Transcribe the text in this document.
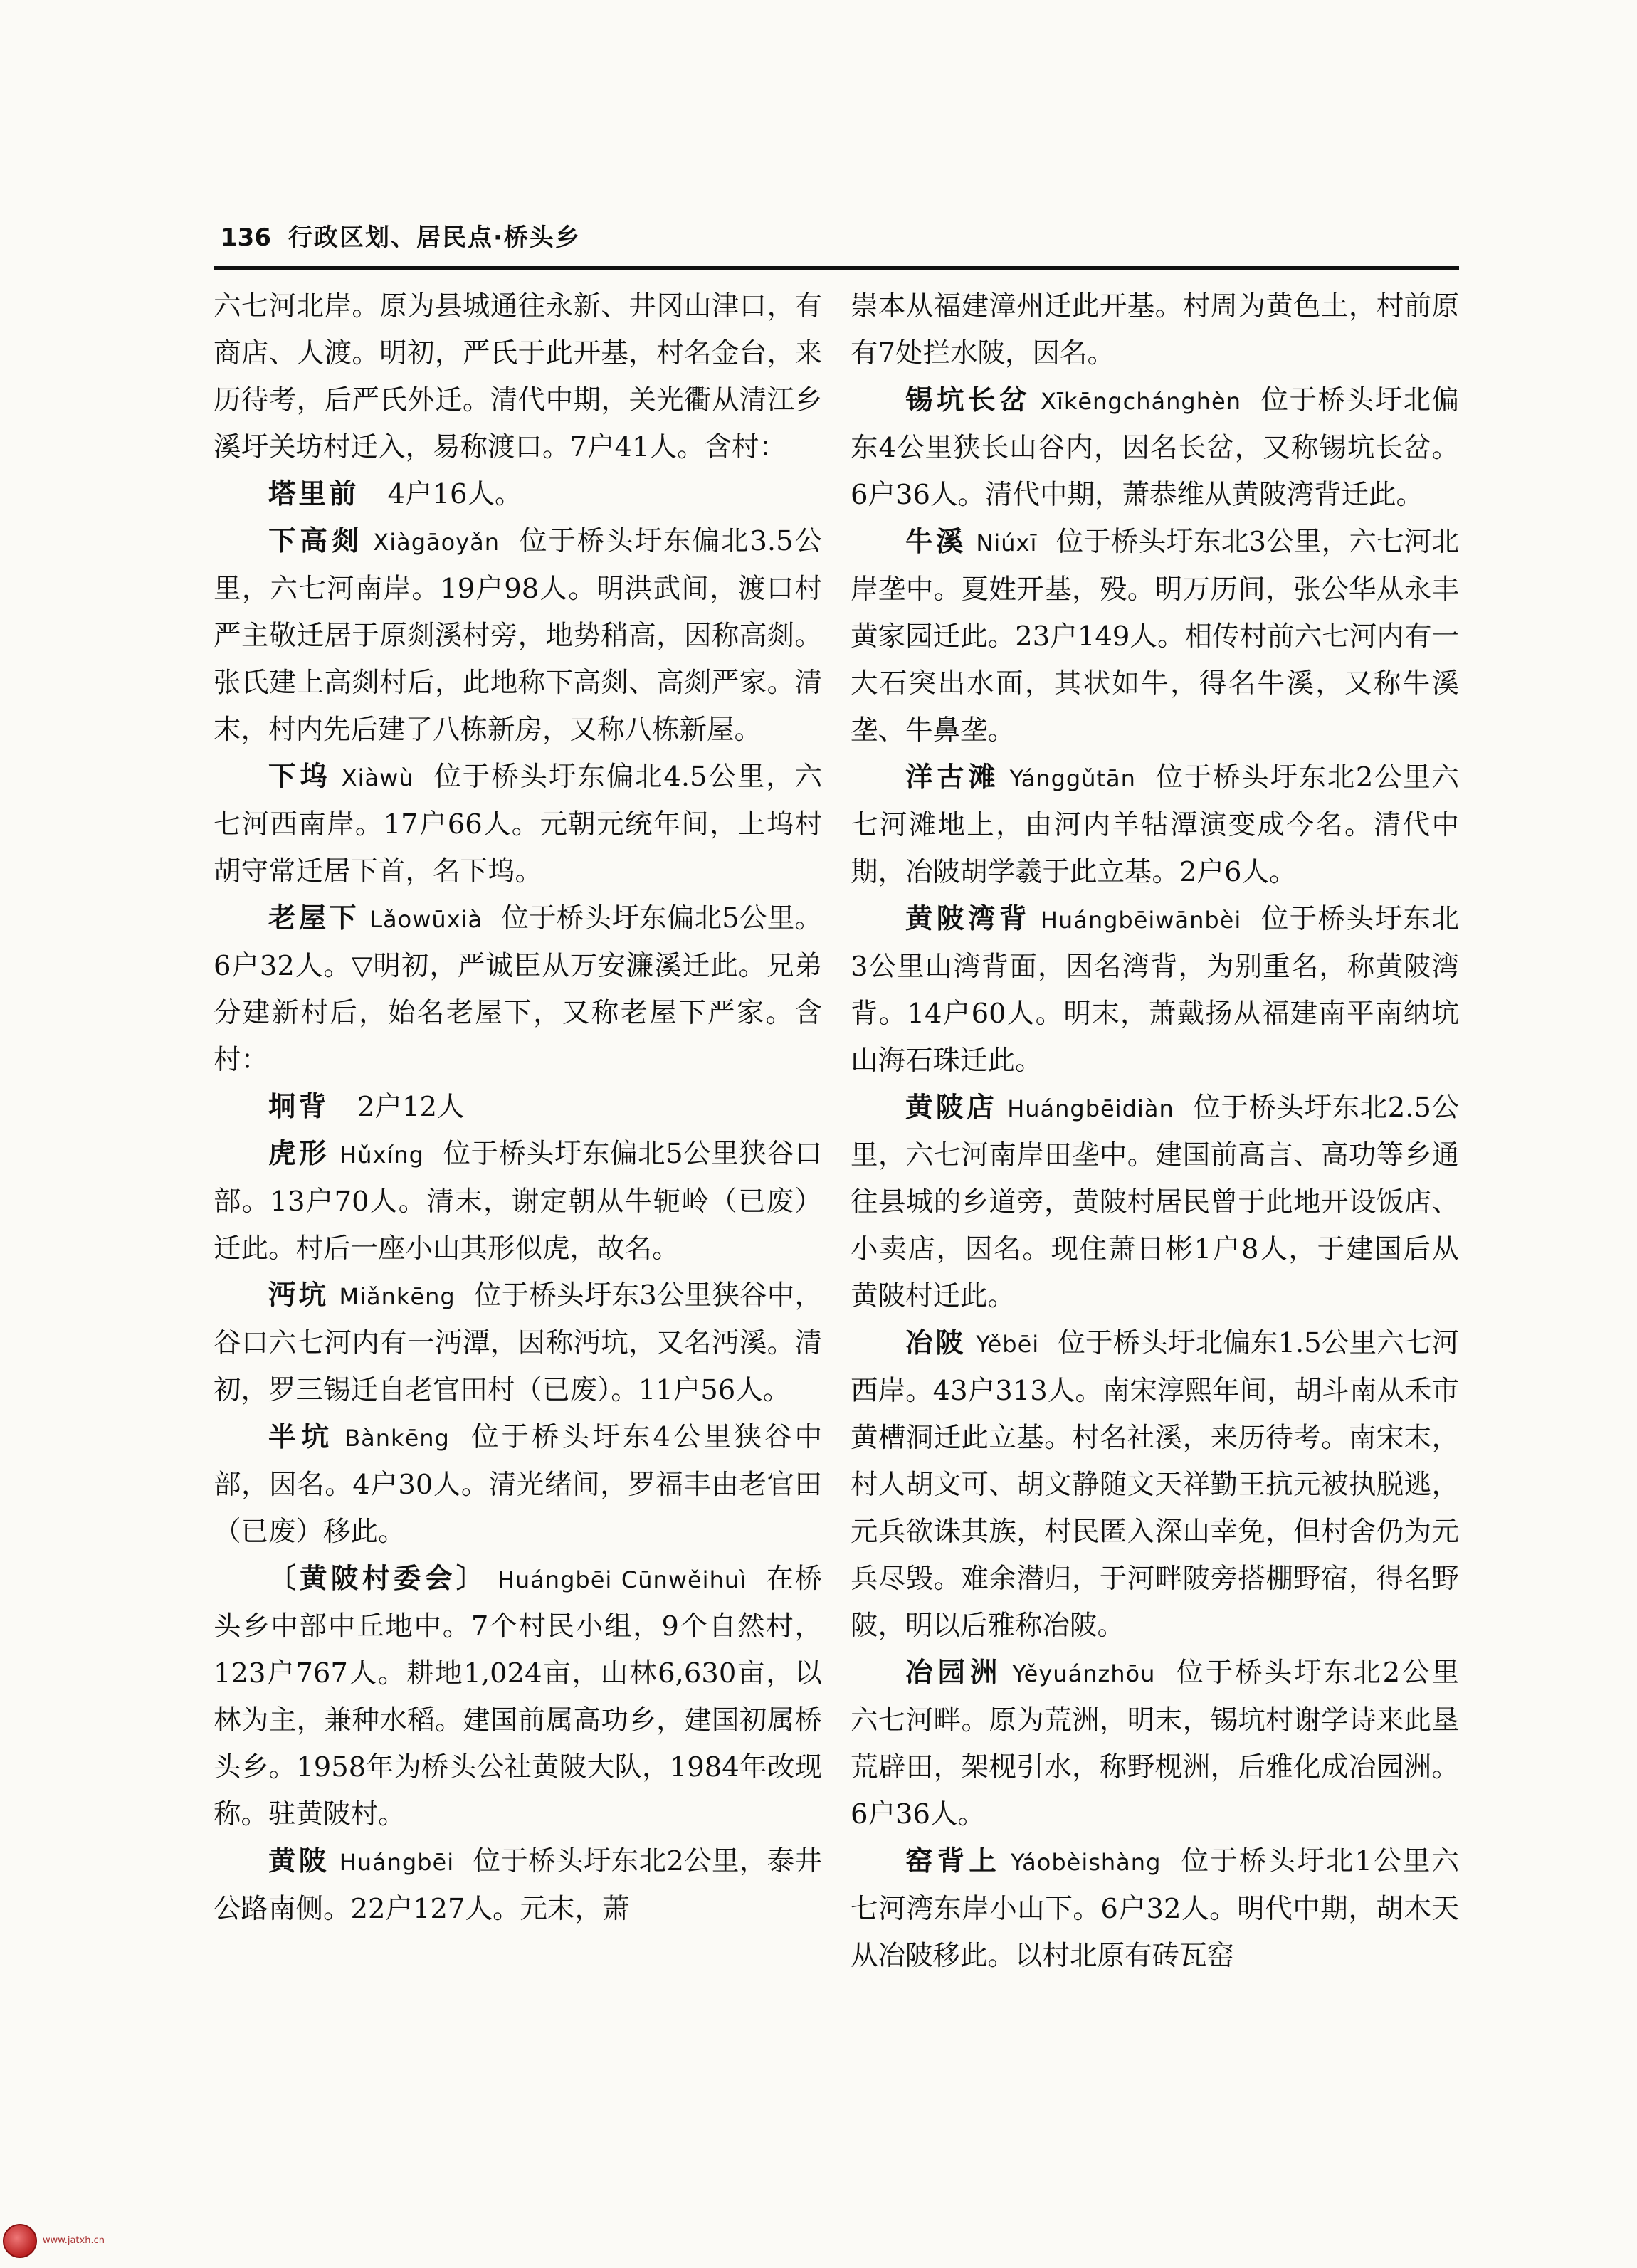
136 行政区划、居民点·桥头乡

六七河北岸。原为县城通往永新、井冈山津口，有商店、人渡。明初，严氏于此开基，村名金台，来历待考，后严氏外迁。清代中期，关光衢从清江乡溪圩关坊村迁入，易称渡口。7户41人。含村：

塔里前 4户16人。

下高剡 Xiàgāoyǎn 位于桥头圩东偏北3.5公里，六七河南岸。19户98人。明洪武间，渡口村严主敬迁居于原剡溪村旁，地势稍高，因称高剡。张氏建上高剡村后，此地称下高剡、高剡严家。清末，村内先后建了八栋新房，又称八栋新屋。

下坞 Xiàwù 位于桥头圩东偏北4.5公里，六七河西南岸。17户66人。元朝元统年间，上坞村胡守常迁居下首，名下坞。

老屋下 Lǎowūxià 位于桥头圩东偏北5公里。6户32人。▽明初，严诚臣从万安濂溪迁此。兄弟分建新村后，始名老屋下，又称老屋下严家。含村：

坰背 2户12人

虎形 Hǔxíng 位于桥头圩东偏北5公里狭谷口部。13户70人。清末，谢定朝从牛轭岭（已废）迁此。村后一座小山其形似虎，故名。

沔坑 Miǎnkēng 位于桥头圩东3公里狭谷中，谷口六七河内有一沔潭，因称沔坑，又名沔溪。清初，罗三锡迁自老官田村（已废）。11户56人。

半坑 Bànkēng 位于桥头圩东4公里狭谷中部，因名。4户30人。清光绪间，罗福丰由老官田（已废）移此。

〔黄陂村委会〕 Huángbēi Cūnwěihuì 在桥头乡中部中丘地中。7个村民小组，9个自然村，123户767人。耕地1,024亩，山林6,630亩，以林为主，兼种水稻。建国前属高功乡，建国初属桥头乡。1958年为桥头公社黄陂大队，1984年改现称。驻黄陂村。

黄陂 Huángbēi 位于桥头圩东北2公里，泰井公路南侧。22户127人。元末，萧

崇本从福建漳州迁此开基。村周为黄色土，村前原有7处拦水陂，因名。

锡坑长岔 Xīkēngchánghèn 位于桥头圩北偏东4公里狭长山谷内，因名长岔，又称锡坑长岔。6户36人。清代中期，萧恭维从黄陂湾背迁此。

牛溪 Niúxī 位于桥头圩东北3公里，六七河北岸垄中。夏姓开基，殁。明万历间，张公华从永丰黄家园迁此。23户149人。相传村前六七河内有一大石突出水面，其状如牛，得名牛溪，又称牛溪垄、牛鼻垄。

洋古滩 Yánggǔtān 位于桥头圩东北2公里六七河滩地上，由河内羊牯潭演变成今名。清代中期，冶陂胡学羲于此立基。2户6人。

黄陂湾背 Huángbēiwānbèi 位于桥头圩东北3公里山湾背面，因名湾背，为别重名，称黄陂湾背。14户60人。明末，萧戴扬从福建南平南纳坑山海石珠迁此。

黄陂店 Huángbēidiàn 位于桥头圩东北2.5公里，六七河南岸田垄中。建国前高言、高功等乡通往县城的乡道旁，黄陂村居民曾于此地开设饭店、小卖店，因名。现住萧日彬1户8人，于建国后从黄陂村迁此。

冶陂 Yěbēi 位于桥头圩北偏东1.5公里六七河西岸。43户313人。南宋淳熙年间，胡斗南从禾市黄槽洞迁此立基。村名社溪，来历待考。南宋末，村人胡文可、胡文静随文天祥勤王抗元被执脱逃，元兵欲诛其族，村民匿入深山幸免，但村舍仍为元兵尽毁。难余潜归，于河畔陂旁搭棚野宿，得名野陂，明以后雅称冶陂。

冶园洲 Yěyuánzhōu 位于桥头圩东北2公里六七河畔。原为荒洲，明末，锡坑村谢学诗来此垦荒辟田，架枧引水，称野枧洲，后雅化成冶园洲。6户36人。

窑背上 Yáobèishàng 位于桥头圩北1公里六七河湾东岸小山下。6户32人。明代中期，胡木天从冶陂移此。以村北原有砖瓦窑

www.jatxh.cn
